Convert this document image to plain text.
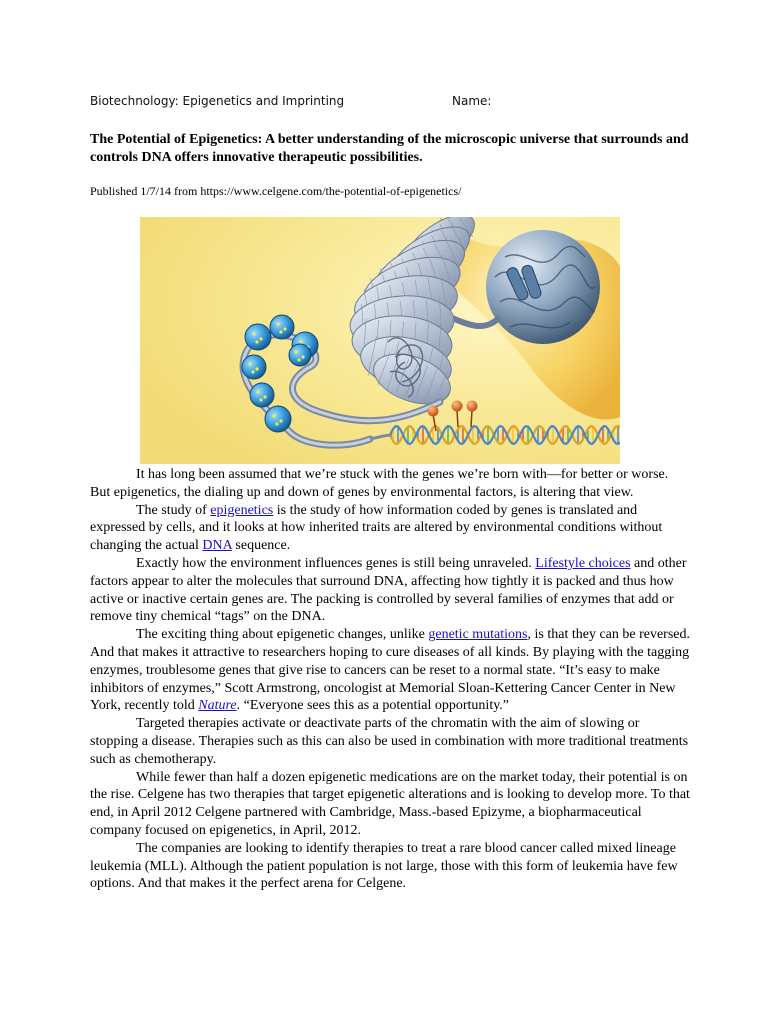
Biotechnology: Epigenetics and Imprinting	Name:
The Potential of Epigenetics: A better understanding of the microscopic universe that surrounds and controls DNA offers innovative therapeutic possibilities.
Published 1/7/14 from https://www.celgene.com/the-potential-of-epigenetics/

It has long been assumed that we’re stuck with the genes we’re born with—for better or worse. But epigenetics, the dialing up and down of genes by environmental factors, is altering that view.

The study of epigenetics is the study of how information coded by genes is translated and expressed by cells, and it looks at how inherited traits are altered by environmental conditions without changing the actual DNA sequence.

Exactly how the environment influences genes is still being unraveled. Lifestyle choices and other factors appear to alter the molecules that surround DNA, affecting how tightly it is packed and thus how active or inactive certain genes are. The packing is controlled by several families of enzymes that add or remove tiny chemical “tags” on the DNA.

The exciting thing about epigenetic changes, unlike genetic mutations, is that they can be reversed. And that makes it attractive to researchers hoping to cure diseases of all kinds. By playing with the tagging enzymes, troublesome genes that give rise to cancers can be reset to a normal state. “It’s easy to make inhibitors of enzymes,” Scott Armstrong, oncologist at Memorial Sloan-Kettering Cancer Center in New York, recently told Nature. “Everyone sees this as a potential opportunity.”

Targeted therapies activate or deactivate parts of the chromatin with the aim of slowing or stopping a disease. Therapies such as this can also be used in combination with more traditional treatments such as chemotherapy.

While fewer than half a dozen epigenetic medications are on the market today, their potential is on the rise. Celgene has two therapies that target epigenetic alterations and is looking to develop more. To that end, in April 2012 Celgene partnered with Cambridge, Mass.-based Epizyme, a biopharmaceutical company focused on epigenetics, in April, 2012.

The companies are looking to identify therapies to treat a rare blood cancer called mixed lineage leukemia (MLL). Although the patient population is not large, those with this form of leukemia have few options. And that makes it the perfect arena for Celgene.
